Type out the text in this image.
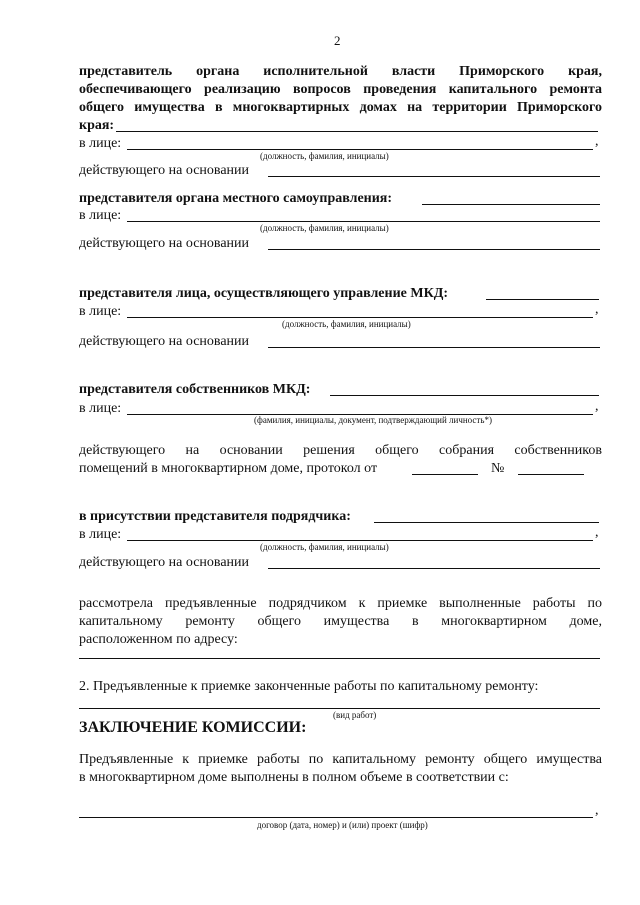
2
представитель органа исполнительной власти Приморского края,
обеспечивающего реализацию вопросов проведения капитального ремонта
общего имущества в многоквартирных домах на территории Приморского
края:
в лице:	,
(должность, фамилия, инициалы)
действующего на основании
представителя органа местного самоуправления:
в лице:
(должность, фамилия, инициалы)
действующего на основании
представителя лица, осуществляющего управление МКД:
в лице:	,
(должность, фамилия, инициалы)
действующего на основании
представителя собственников МКД:
в лице:	,
(фамилия, инициалы, документ, подтверждающий личность*)
действующего на основании решения общего собрания собственников
помещений в многоквартирном доме, протокол от	№
в присутствии представителя подрядчика:
в лице:	,
(должность, фамилия, инициалы)
действующего на основании
рассмотрела предъявленные подрядчиком к приемке выполненные работы по
капитальному ремонту общего имущества в многоквартирном доме,
расположенном по адресу:
2. Предъявленные к приемке законченные работы по капитальному ремонту:
(вид работ)
ЗАКЛЮЧЕНИЕ КОМИССИИ:
Предъявленные к приемке работы по капитальному ремонту общего имущества
в многоквартирном доме выполнены в полном объеме в соответствии с:
,
договор (дата, номер) и (или) проект (шифр)
